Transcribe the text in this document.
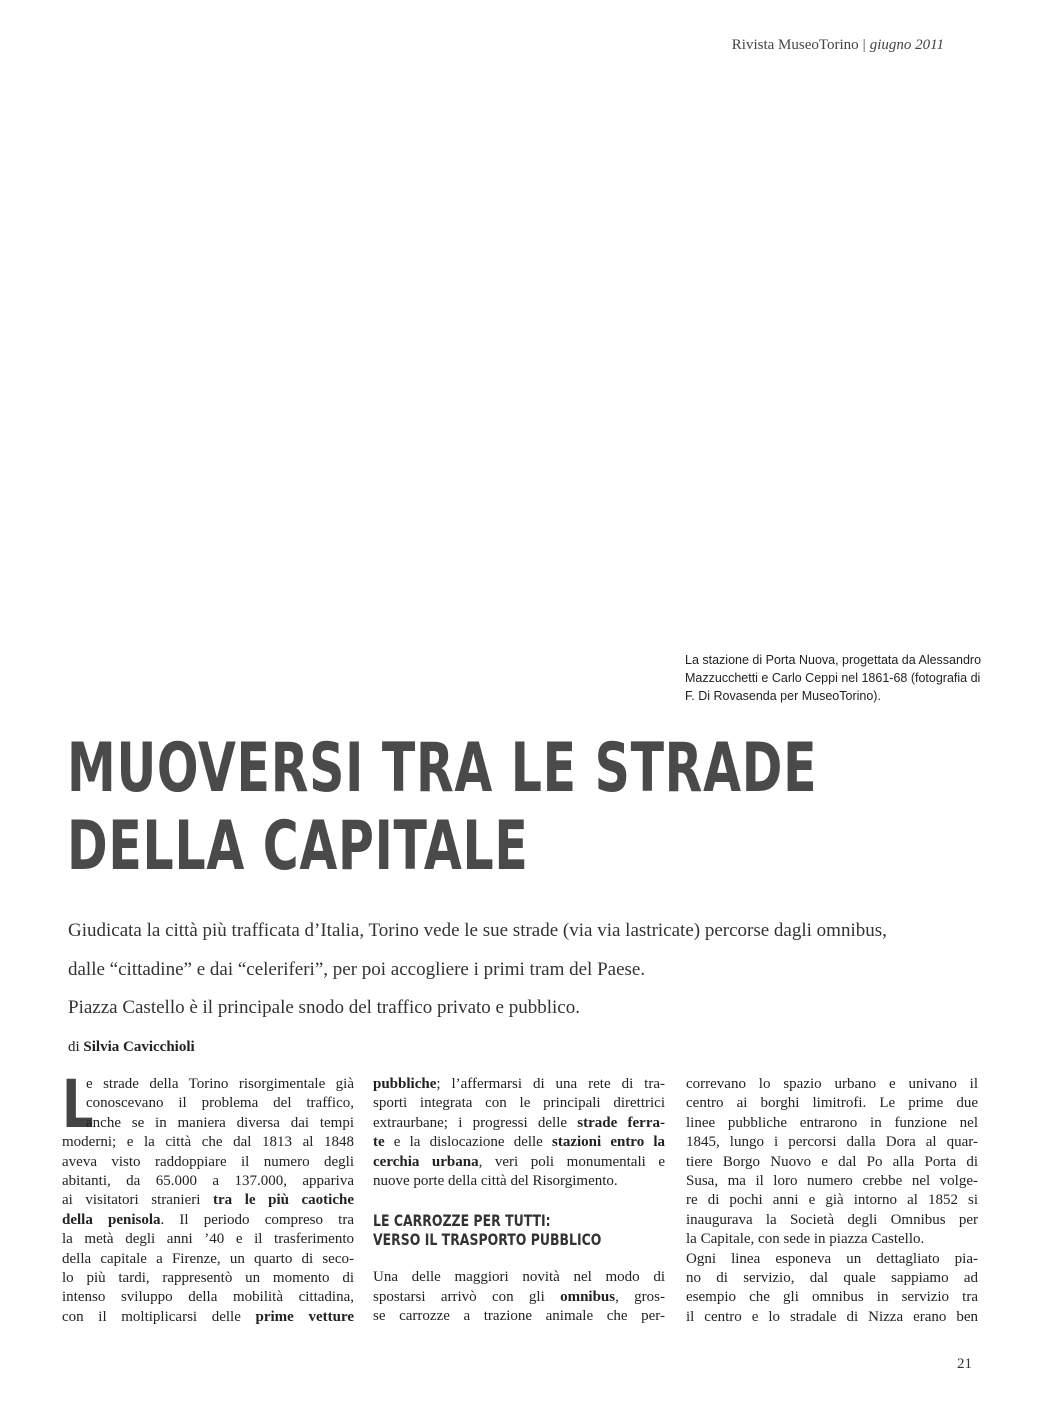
Rivista MuseoTorino | giugno 2011
La stazione di Porta Nuova, progettata da Alessandro
Mazzucchetti e Carlo Ceppi nel 1861-68 (fotografia di
F. Di Rovasenda per MuseoTorino).
MUOVERSI TRA LE STRADE
DELLA CAPITALE

Giudicata la città più trafficata d’Italia, Torino vede le sue strade (via via lastricate) percorse dagli omnibus,

dalle “cittadine” e dai “celeriferi”, per poi accogliere i primi tram del Paese.

Piazza Castello è il principale snodo del traffico privato e pubblico.

di Silvia Cavicchioli
L
e strade della Torino risorgimentale già
conoscevano il problema del traffico,
anche se in maniera diversa dai tempi
moderni; e la città che dal 1813 al 1848
aveva visto raddoppiare il numero degli
abitanti, da 65.000 a 137.000, appariva
ai visitatori stranieri tra le più caotiche
della penisola. Il periodo compreso tra
la metà degli anni ’40 e il trasferimento
della capitale a Firenze, un quarto di seco-
lo più tardi, rappresentò un momento di
intenso sviluppo della mobilità cittadina,
con il moltiplicarsi delle prime vetture
pubbliche; l’affermarsi di una rete di tra-
sporti integrata con le principali direttrici
extraurbane; i progressi delle strade ferra-
te e la dislocazione delle stazioni entro la
cerchia urbana, veri poli monumentali e
nuove porte della città del Risorgimento.
LE CARROZZE PER TUTTI:
VERSO IL TRASPORTO PUBBLICO
Una delle maggiori novità nel modo di
spostarsi arrivò con gli omnibus, gros-
se carrozze a trazione animale che per-
correvano lo spazio urbano e univano il
centro ai borghi limitrofi. Le prime due
linee pubbliche entrarono in funzione nel
1845, lungo i percorsi dalla Dora al quar-
tiere Borgo Nuovo e dal Po alla Porta di
Susa, ma il loro numero crebbe nel volge-
re di pochi anni e già intorno al 1852 si
inaugurava la Società degli Omnibus per
la Capitale, con sede in piazza Castello.
Ogni linea esponeva un dettagliato pia-
no di servizio, dal quale sappiamo ad
esempio che gli omnibus in servizio tra
il centro e lo stradale di Nizza erano ben
21
